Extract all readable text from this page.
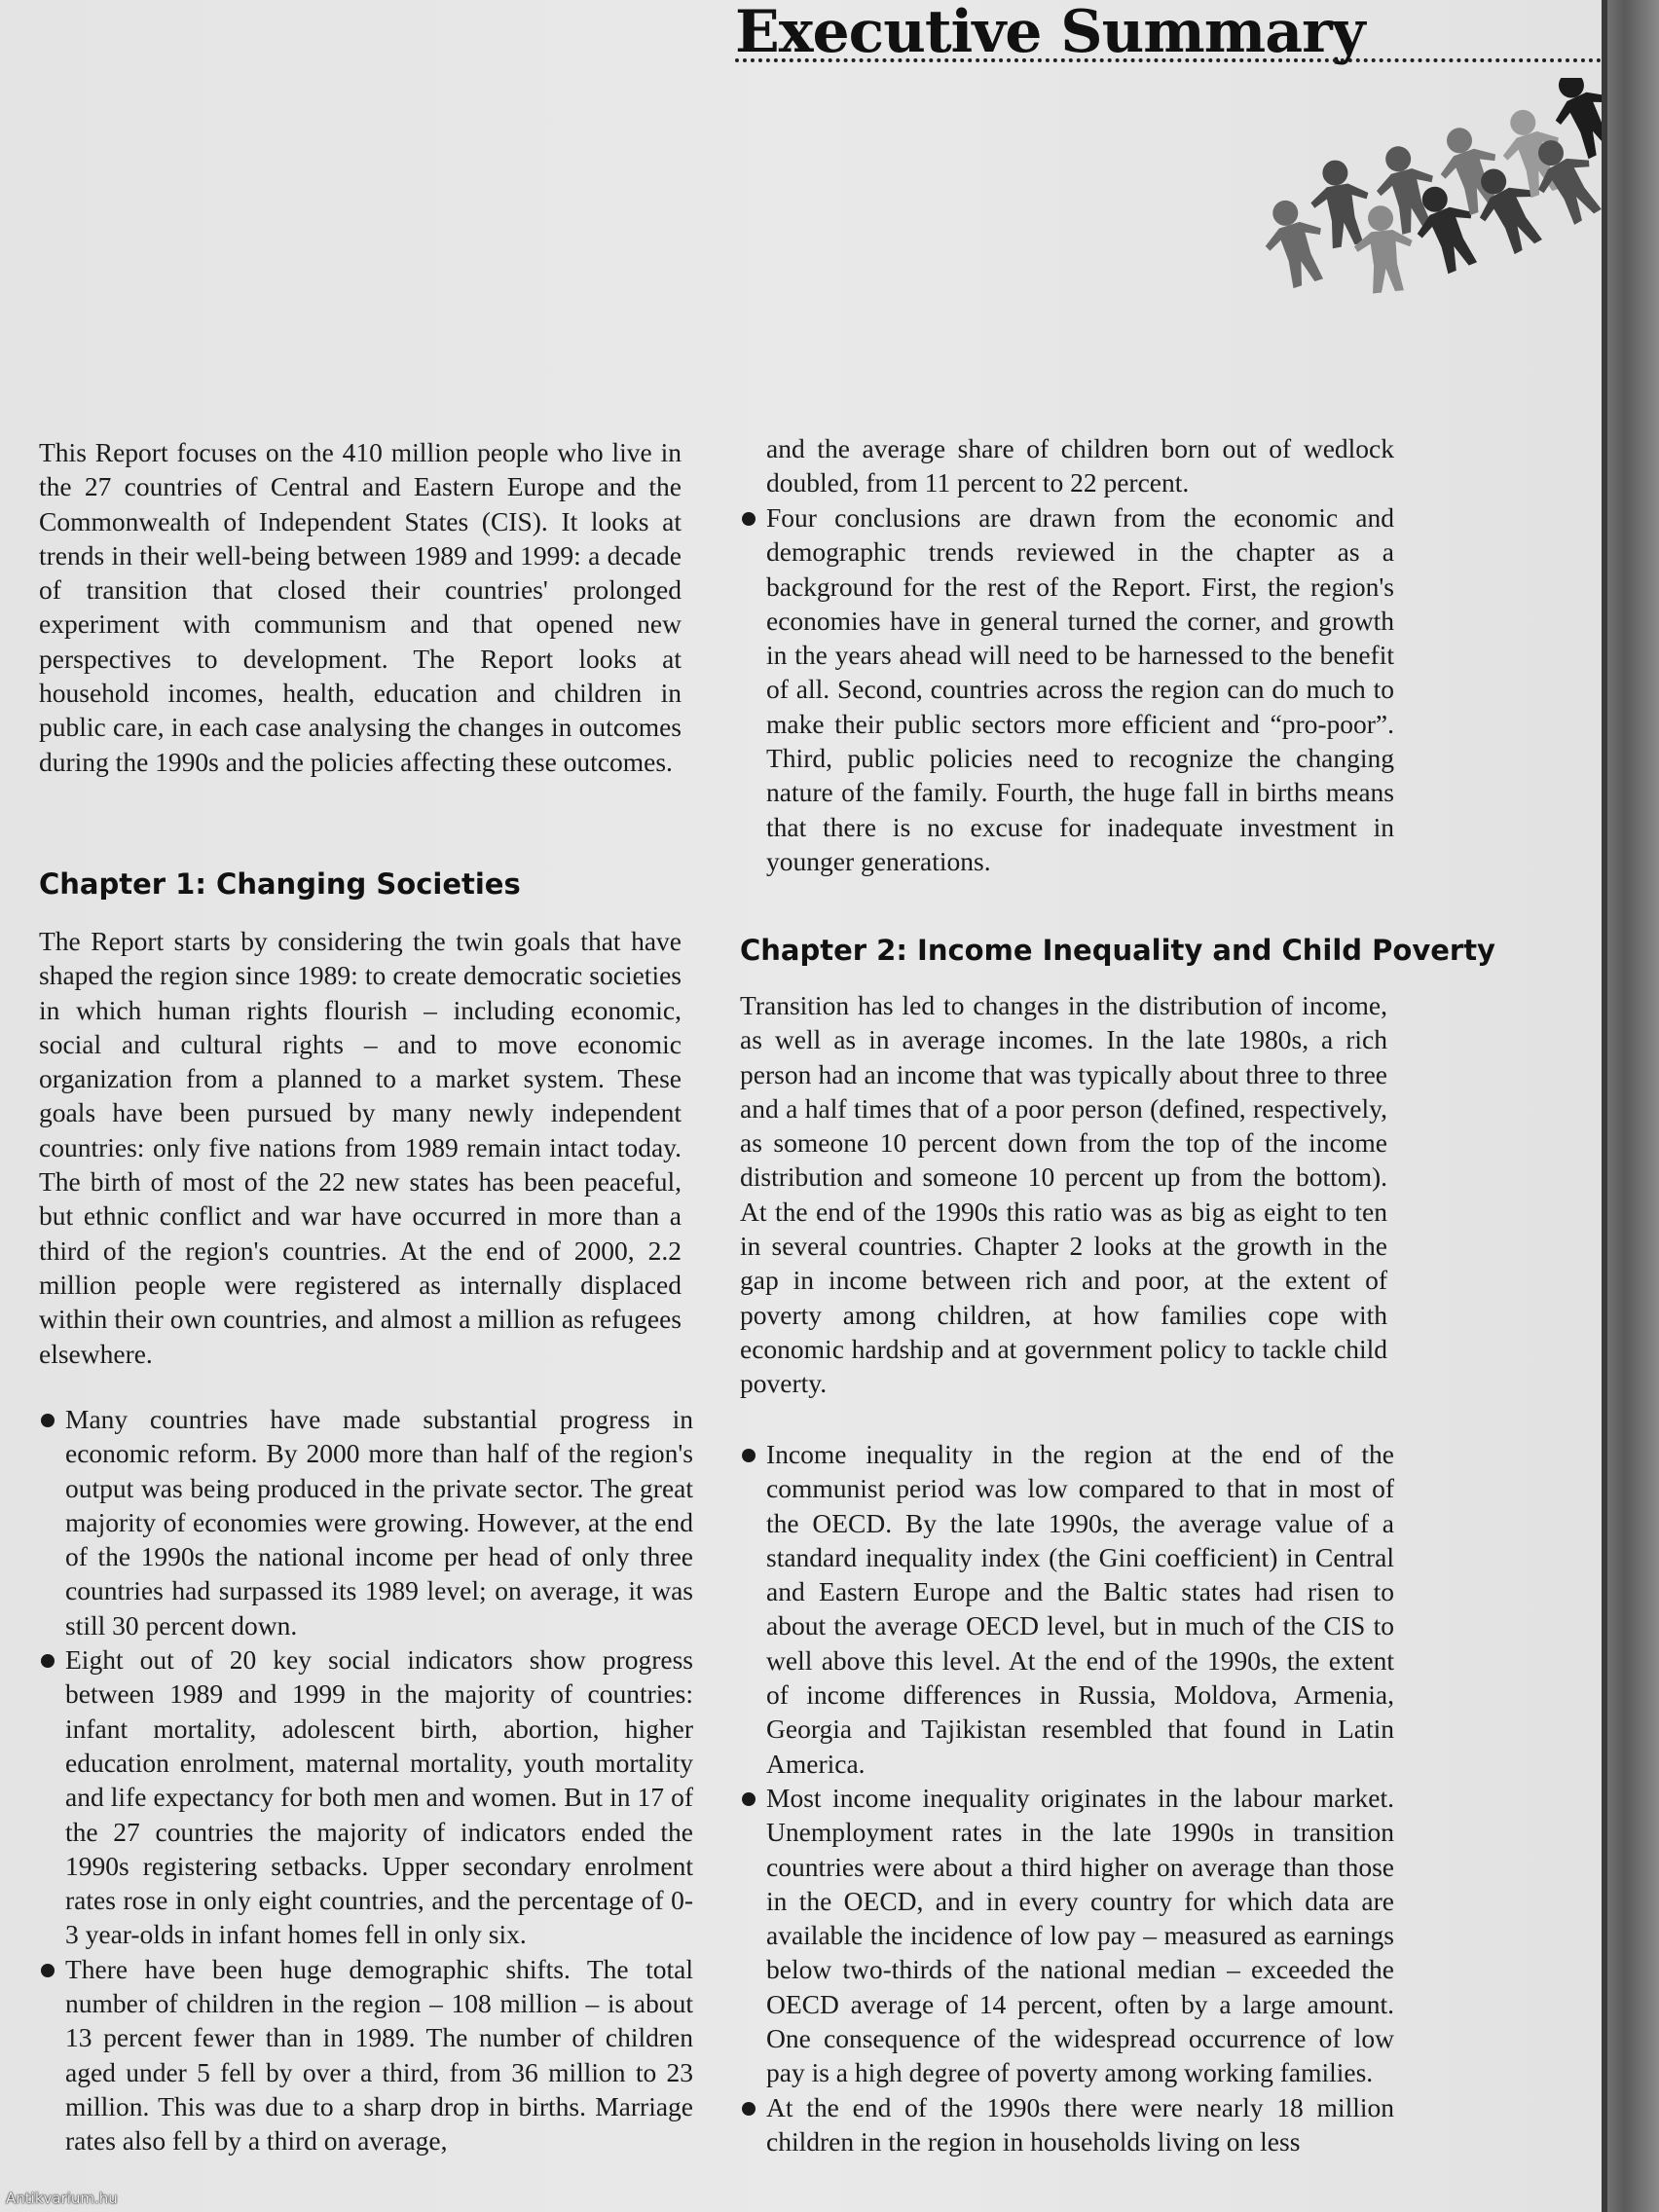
Executive Summary

This Report focuses on the 410 million people who live in the 27 countries of Central and Eastern Europe and the Commonwealth of Independent States (CIS). It looks at trends in their well-being between 1989 and 1999: a decade of transition that closed their countries' prolonged experiment with communism and that opened new perspectives to development. The Report looks at household incomes, health, education and children in public care, in each case analysing the changes in outcomes during the 1990s and the policies affecting these outcomes.

Chapter 1: Changing Societies

The Report starts by considering the twin goals that have shaped the region since 1989: to create democratic societies in which human rights flourish – including economic, social and cultural rights – and to move economic organization from a planned to a market system. These goals have been pursued by many newly independent countries: only five nations from 1989 remain intact today. The birth of most of the 22 new states has been peaceful, but ethnic conflict and war have occurred in more than a third of the region's countries. At the end of 2000, 2.2 million people were registered as internally displaced within their own countries, and almost a million as refugees elsewhere.

Many countries have made substantial progress in economic reform. By 2000 more than half of the region's output was being produced in the private sector. The great majority of economies were growing. However, at the end of the 1990s the national income per head of only three countries had surpassed its 1989 level; on average, it was still 30 percent down.
Eight out of 20 key social indicators show progress between 1989 and 1999 in the majority of countries: infant mortality, adolescent birth, abortion, higher education enrolment, maternal mortality, youth mortality and life expectancy for both men and women. But in 17 of the 27 countries the majority of indicators ended the 1990s registering setbacks. Upper secondary enrolment rates rose in only eight countries, and the percentage of 0-3 year-olds in infant homes fell in only six.
There have been huge demographic shifts. The total number of children in the region – 108 million – is about 13 percent fewer than in 1989. The number of children aged under 5 fell by over a third, from 36 million to 23 million. This was due to a sharp drop in births. Marriage rates also fell by a third on average,

and the average share of children born out of wedlock doubled, from 11 percent to 22 percent.

Four conclusions are drawn from the economic and demographic trends reviewed in the chapter as a background for the rest of the Report. First, the region's economies have in general turned the corner, and growth in the years ahead will need to be harnessed to the benefit of all. Second, countries across the region can do much to make their public sectors more efficient and “pro-poor”. Third, public policies need to recognize the changing nature of the family. Fourth, the huge fall in births means that there is no excuse for inadequate investment in younger generations.
Chapter 2: Income Inequality and Child Poverty

Transition has led to changes in the distribution of income, as well as in average incomes. In the late 1980s, a rich person had an income that was typically about three to three and a half times that of a poor person (defined, respectively, as someone 10 percent down from the top of the income distribution and someone 10 percent up from the bottom). At the end of the 1990s this ratio was as big as eight to ten in several countries. Chapter 2 looks at the growth in the gap in income between rich and poor, at the extent of poverty among children, at how families cope with economic hardship and at government policy to tackle child poverty.

Income inequality in the region at the end of the communist period was low compared to that in most of the OECD. By the late 1990s, the average value of a standard inequality index (the Gini coefficient) in Central and Eastern Europe and the Baltic states had risen to about the average OECD level, but in much of the CIS to well above this level. At the end of the 1990s, the extent of income differences in Russia, Moldova, Armenia, Georgia and Tajikistan resembled that found in Latin America.
Most income inequality originates in the labour market. Unemployment rates in the late 1990s in transition countries were about a third higher on average than those in the OECD, and in every country for which data are available the incidence of low pay – measured as earnings below two-thirds of the national median – exceeded the OECD average of 14 percent, often by a large amount. One consequence of the widespread occurrence of low pay is a high degree of poverty among working families.
At the end of the 1990s there were nearly 18 million children in the region in households living on less
Antikvarium.hu
